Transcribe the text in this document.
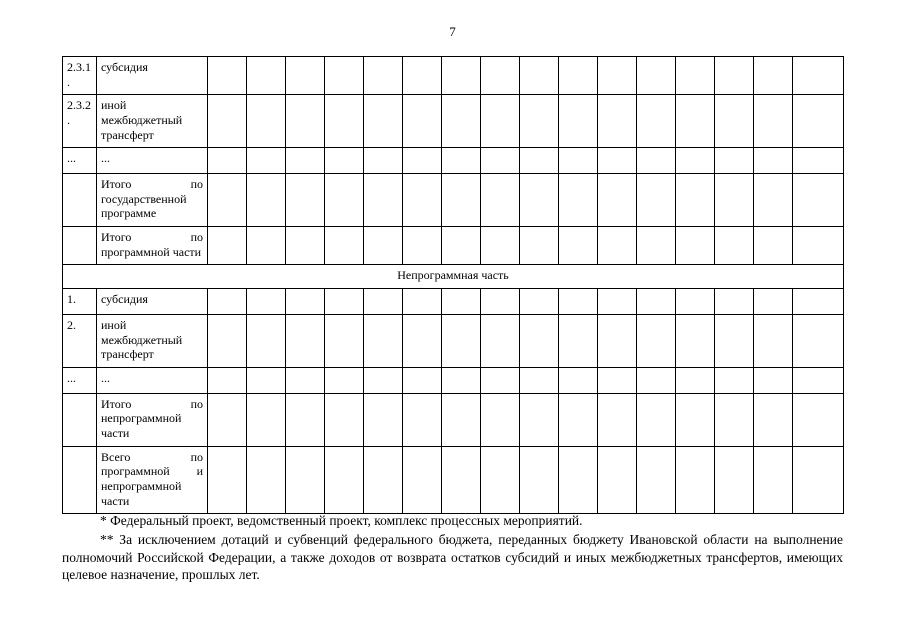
7
2.3.1.	субсидия																
2.3.2.	иной межбюджетный трансферт																
...	...																
	Итого по государственной программе																
	Итого по программной части																
Непрограммная часть																	
1.	субсидия																
2.	иной межбюджетный трансферт																
...	...																
	Итого по непрограммной части																
	Всего по программной и непрограммной части																

* Федеральный проект, ведомственный проект, комплекс процессных мероприятий.

** За исключением дотаций и субвенций федерального бюджета, переданных бюджету Ивановской области на выполнение полномочий Российской Федерации, а также доходов от возврата остатков субсидий и иных межбюджетных трансфертов, имеющих целевое назначение, прошлых лет.
